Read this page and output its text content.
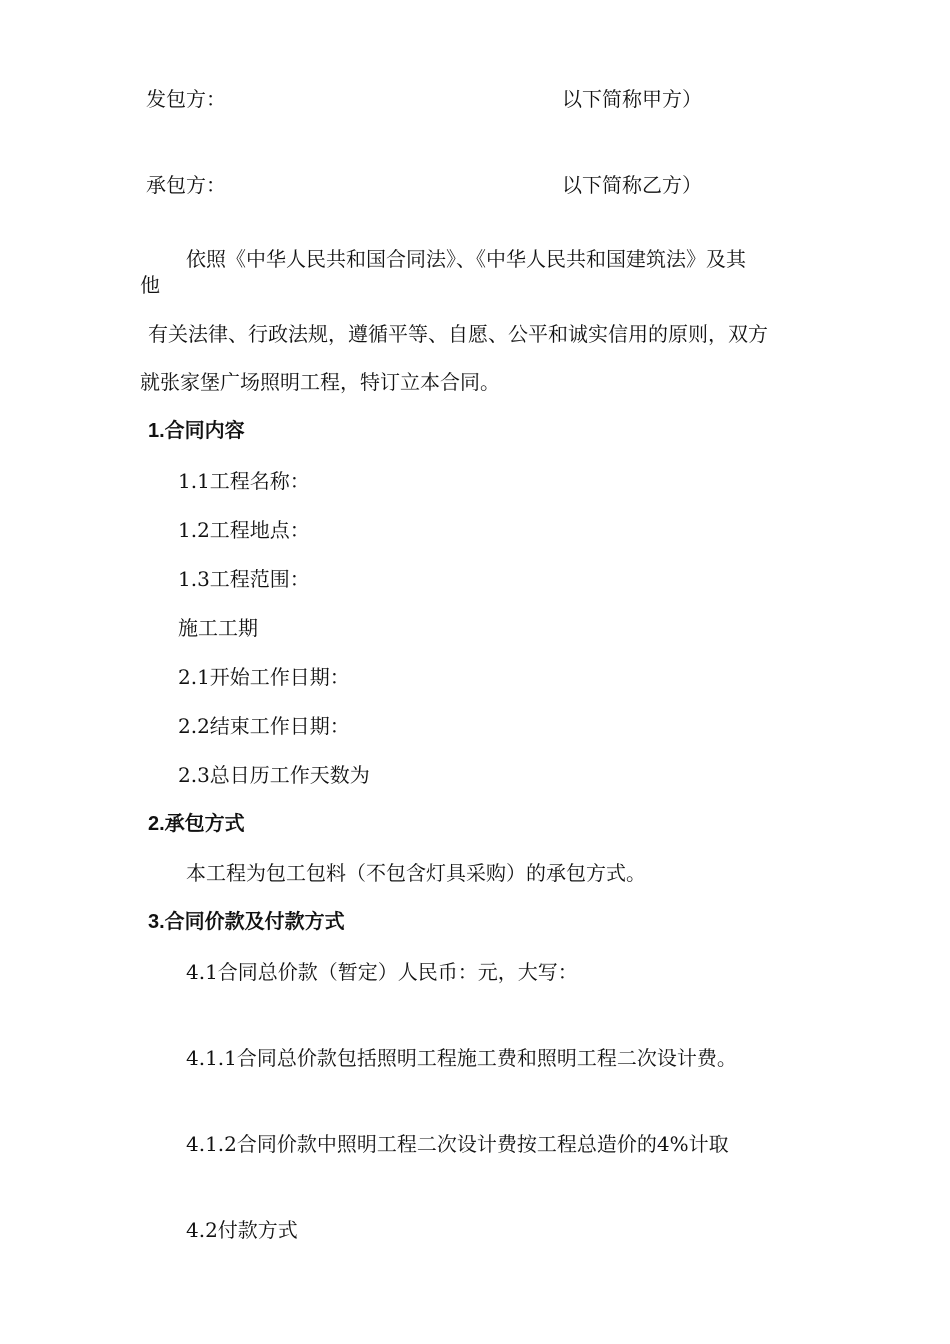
发包方：	以下简称甲方）
承包方：	以下简称乙方）
依照《中华人民共和国合同法》、《中华人民共和国建筑法》及其
他
有关法律、行政法规，遵循平等、自愿、公平和诚实信用的原则，双方
就张家堡广场照明工程，特订立本合同。
1.合同内容
1.1工程名称：
1.2工程地点：
1.3工程范围：
施工工期
2.1开始工作日期：
2.2结束工作日期：
2.3总日历工作天数为
2.承包方式
本工程为包工包料（不包含灯具采购）的承包方式。
3.合同价款及付款方式
4.1合同总价款（暂定）人民币：元，大写：
4.1.1合同总价款包括照明工程施工费和照明工程二次设计费。
4.1.2合同价款中照明工程二次设计费按工程总造价的4%计取
4.2付款方式
